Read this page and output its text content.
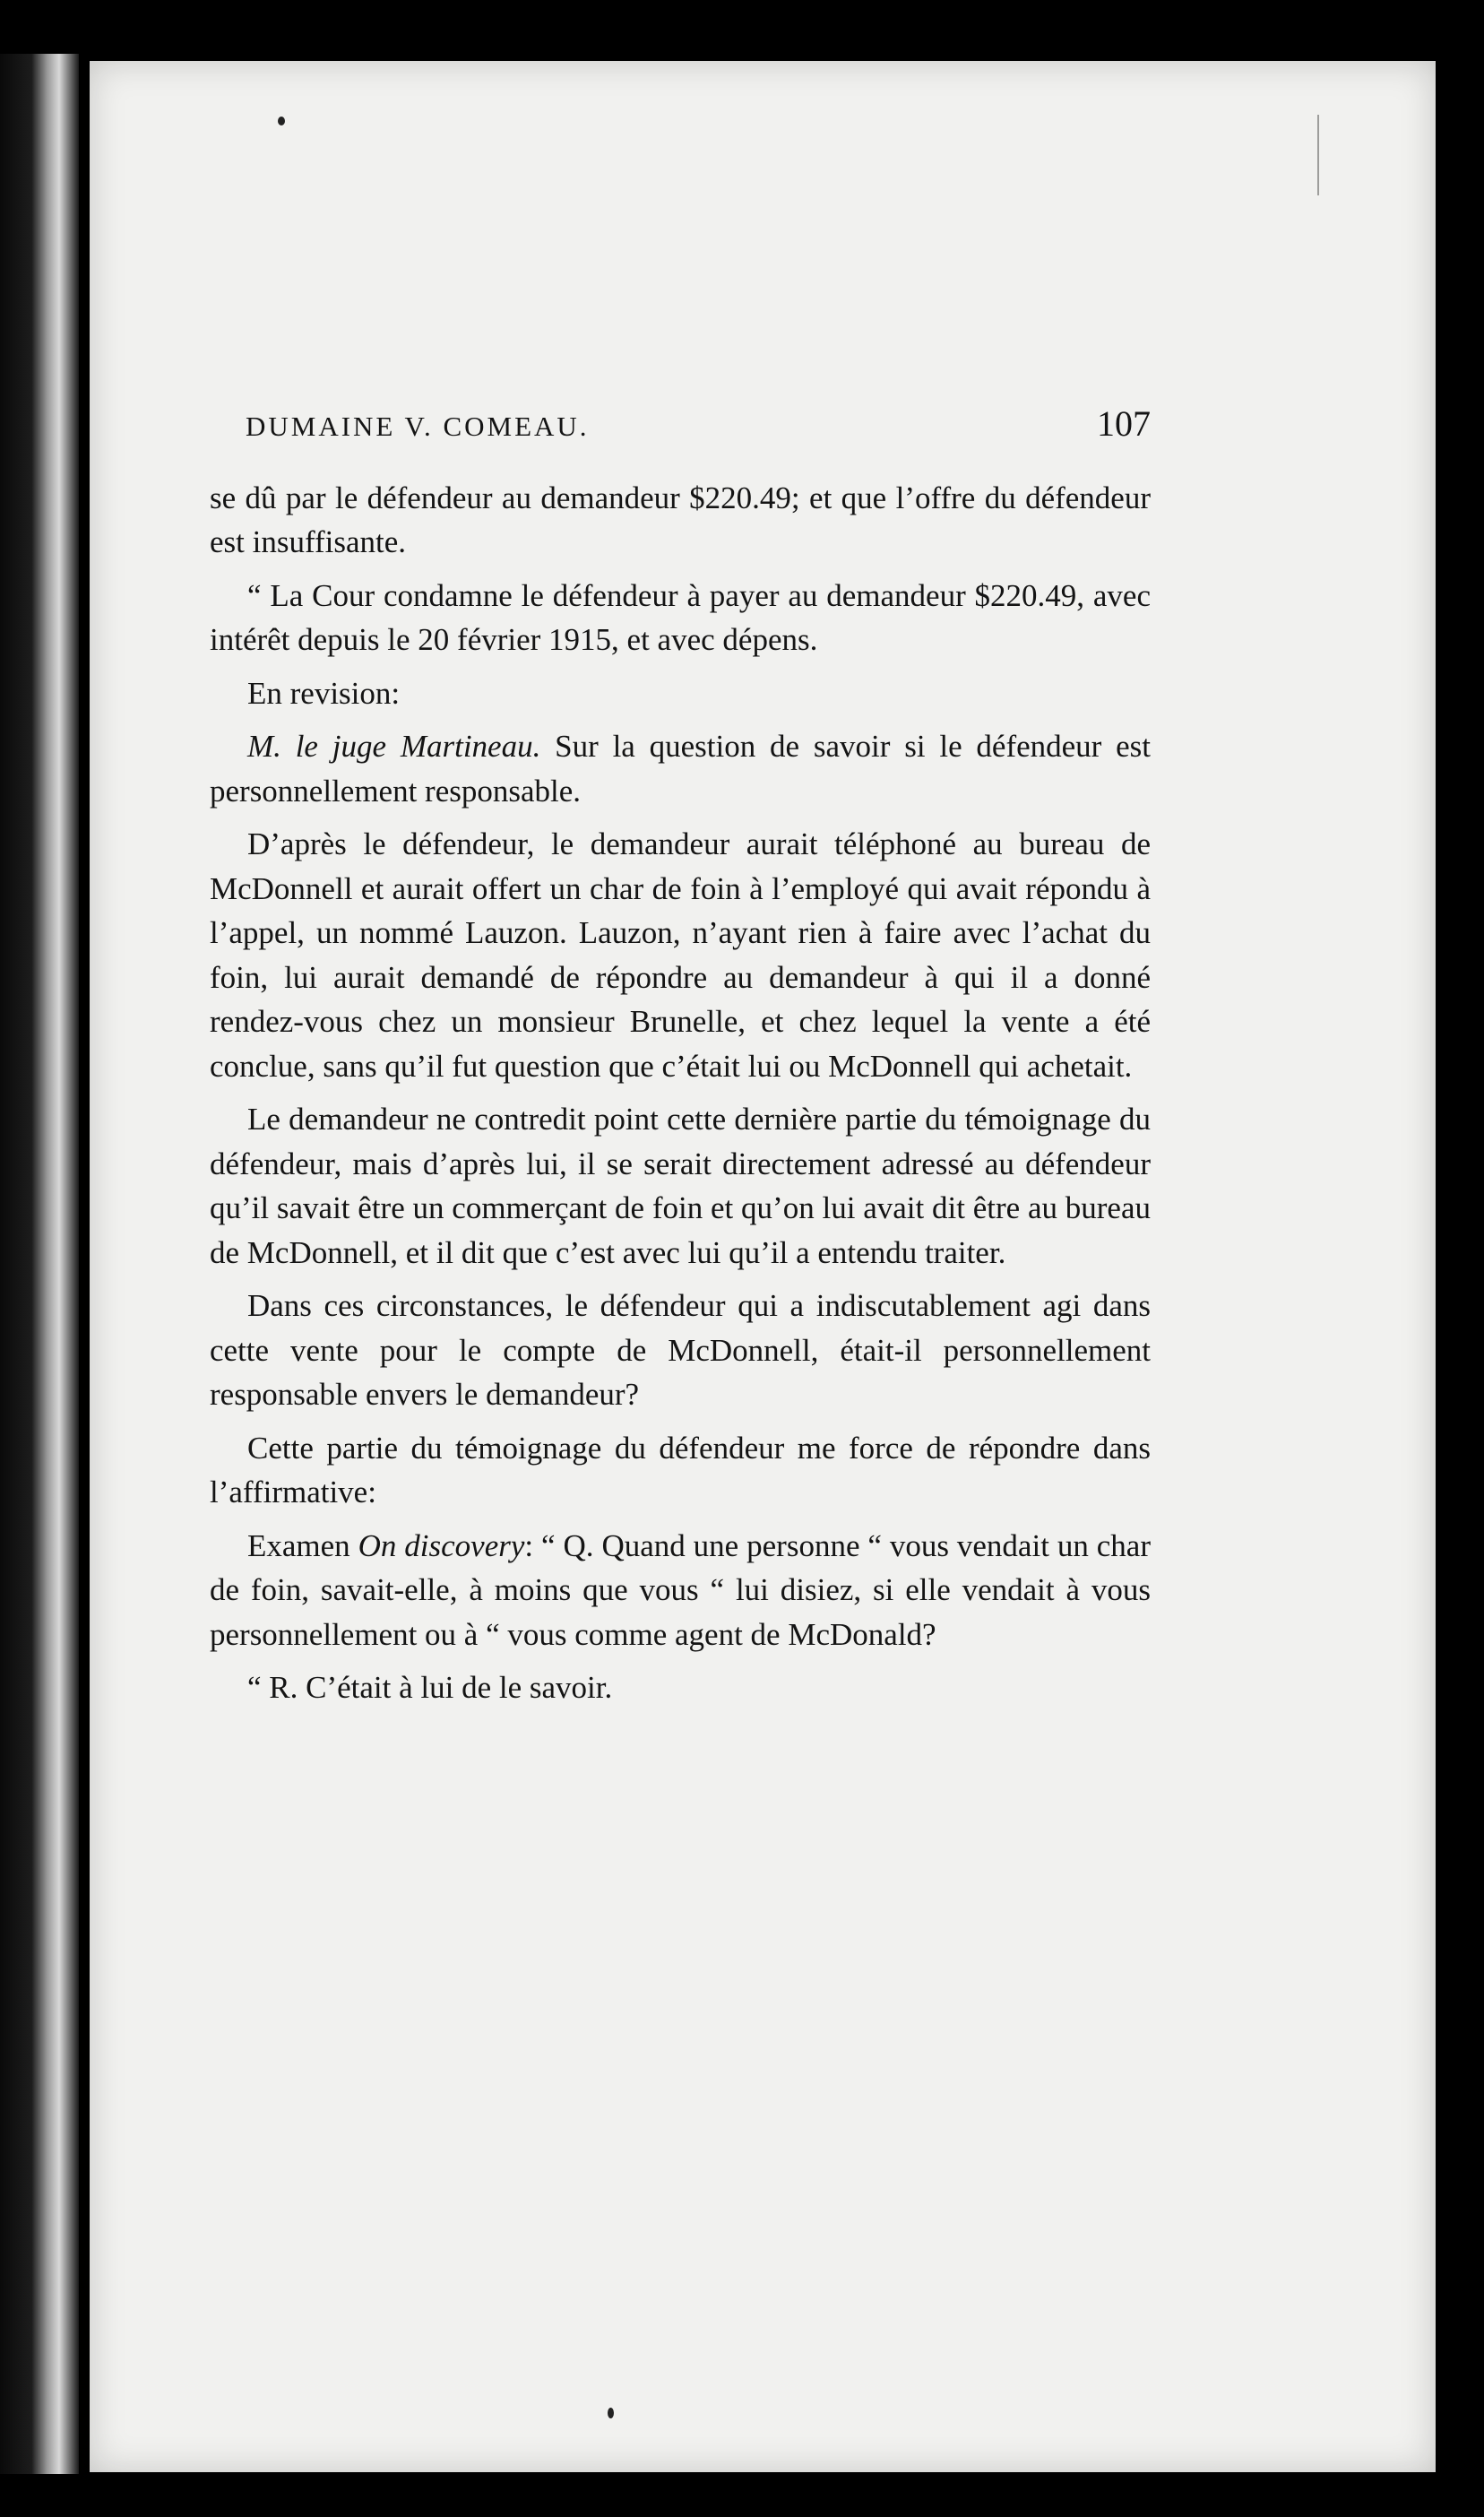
DUMAINE V. COMEAU.	107

se dû par le défendeur au demandeur $220.49; et que l’offre du défendeur est insuffisante.

“ La Cour condamne le défendeur à payer au demandeur $220.49, avec intérêt depuis le 20 février 1915, et avec dépens.

En revision:

M. le juge Martineau. Sur la question de savoir si le défendeur est personnellement responsable.

D’après le défendeur, le demandeur aurait téléphoné au bureau de McDonnell et aurait offert un char de foin à l’employé qui avait répondu à l’appel, un nommé Lauzon. Lauzon, n’ayant rien à faire avec l’achat du foin, lui aurait demandé de répondre au demandeur à qui il a donné rendez-vous chez un monsieur Brunelle, et chez lequel la vente a été conclue, sans qu’il fut question que c’était lui ou McDonnell qui achetait.

Le demandeur ne contredit point cette dernière partie du témoignage du défendeur, mais d’après lui, il se serait directement adressé au défendeur qu’il savait être un commerçant de foin et qu’on lui avait dit être au bureau de McDonnell, et il dit que c’est avec lui qu’il a entendu traiter.

Dans ces circonstances, le défendeur qui a indiscutablement agi dans cette vente pour le compte de McDonnell, était-il personnellement responsable envers le demandeur?

Cette partie du témoignage du défendeur me force de répondre dans l’affirmative:

Examen On discovery: “ Q. Quand une personne “ vous vendait un char de foin, savait-elle, à moins que vous “ lui disiez, si elle vendait à vous personnellement ou à “ vous comme agent de McDonald?

“ R. C’était à lui de le savoir.
